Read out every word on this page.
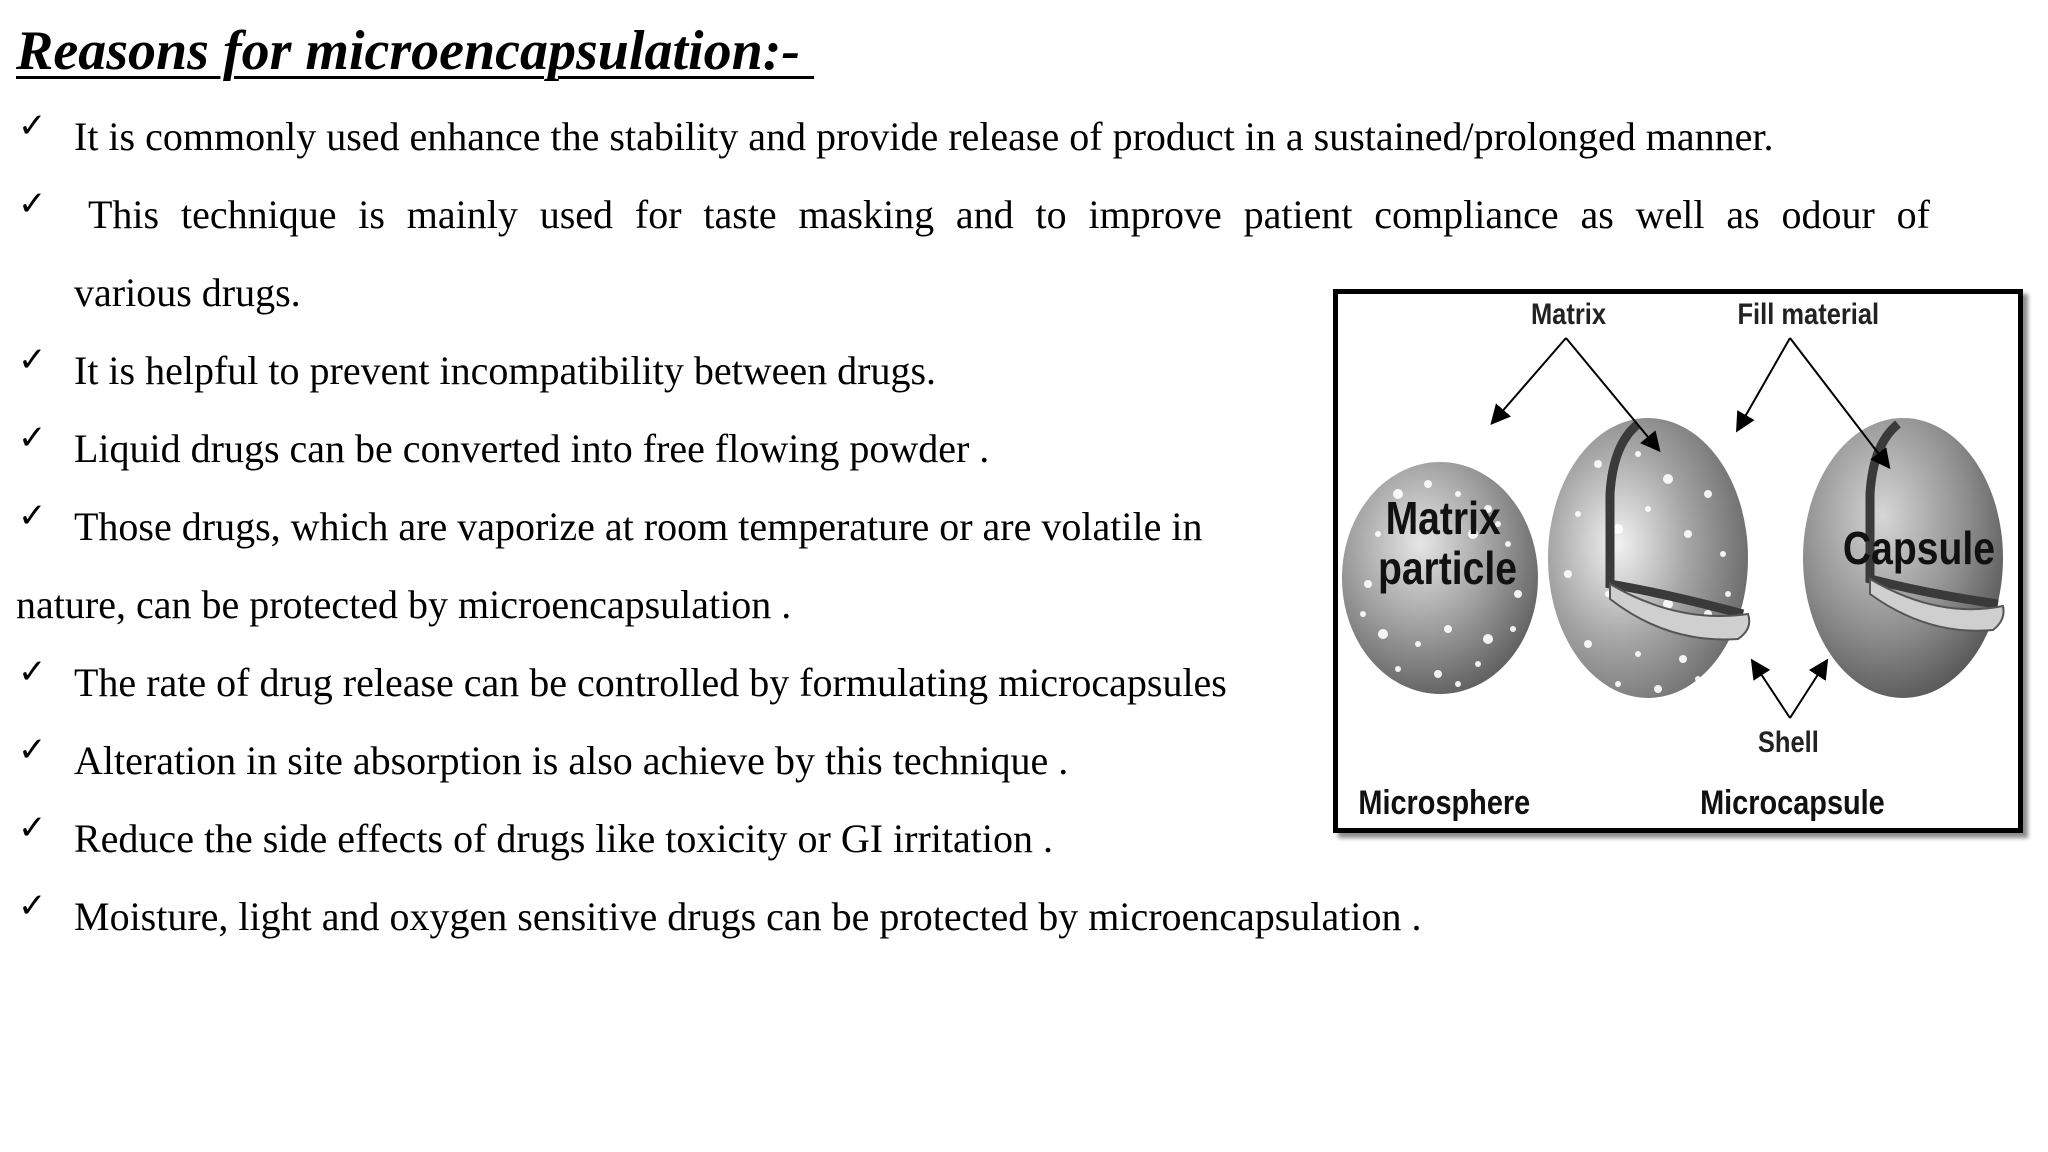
Reasons for microencapsulation:-
✓ It is commonly used enhance the stability and provide release of product in a sustained/prolonged manner.
✓ This technique is mainly used for taste masking and to improve patient compliance as well as odour of
various drugs.
✓ It is helpful to prevent incompatibility between drugs.
✓ Liquid drugs can be converted into free flowing powder .
✓ Those drugs, which are vaporize at room temperature or are volatile in
nature, can be protected by microencapsulation .
✓ The rate of drug release can be controlled by formulating microcapsules
✓ Alteration in site absorption is also achieve by this technique .
✓ Reduce the side effects of drugs like toxicity or GI irritation .
✓ Moisture, light and oxygen sensitive drugs can be protected by microencapsulation .
Matrix	Fill material
Matrix
particle	Capsule
Shell
Microsphere	Microcapsule
